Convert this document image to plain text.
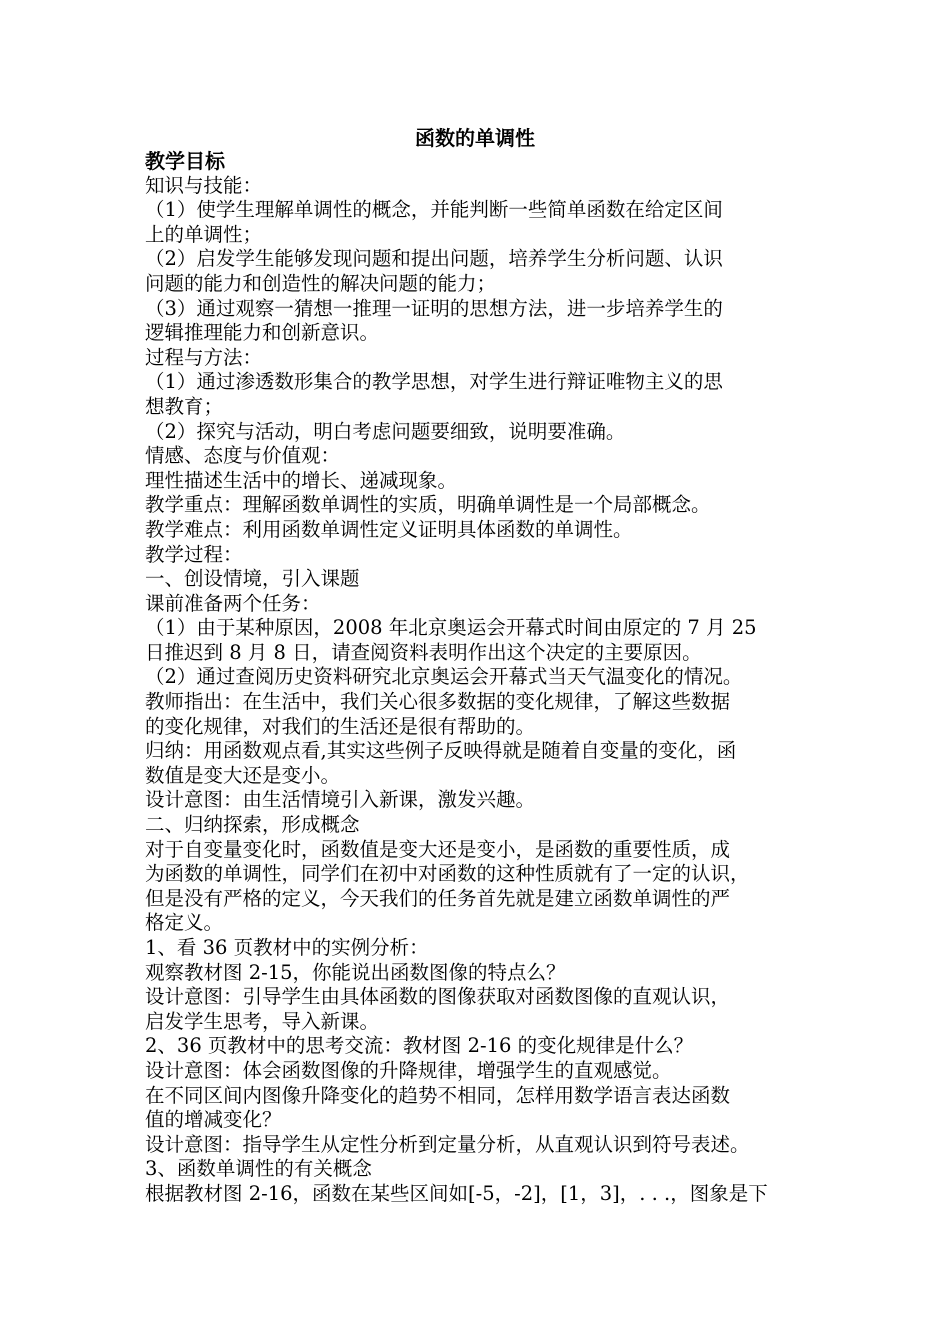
函数的单调性
教学目标
知识与技能：
（1）使学生理解单调性的概念，并能判断一些简单函数在给定区间
上的单调性；
（2）启发学生能够发现问题和提出问题，培养学生分析问题、认识
问题的能力和创造性的解决问题的能力；
（3）通过观察一猜想一推理一证明的思想方法，进一步培养学生的
逻辑推理能力和创新意识。
过程与方法：
（1）通过渗透数形集合的教学思想，对学生进行辩证唯物主义的思
想教育；
（2）探究与活动，明白考虑问题要细致，说明要准确。
情感、态度与价值观：
理性描述生活中的增长、递减现象。
教学重点：理解函数单调性的实质，明确单调性是一个局部概念。
教学难点：利用函数单调性定义证明具体函数的单调性。
教学过程：
一、创设情境，引入课题
课前准备两个任务：
（1）由于某种原因，2008 年北京奥运会开幕式时间由原定的 7 月 25
日推迟到 8 月 8 日，请查阅资料表明作出这个决定的主要原因。
（2）通过查阅历史资料研究北京奥运会开幕式当天气温变化的情况。
教师指出：在生活中，我们关心很多数据的变化规律，了解这些数据
的变化规律，对我们的生活还是很有帮助的。
归纳：用函数观点看,其实这些例子反映得就是随着自变量的变化，函
数值是变大还是变小。
设计意图：由生活情境引入新课，激发兴趣。
二、归纳探索，形成概念
对于自变量变化时，函数值是变大还是变小，是函数的重要性质，成
为函数的单调性，同学们在初中对函数的这种性质就有了一定的认识，
但是没有严格的定义，今天我们的任务首先就是建立函数单调性的严
格定义。
1、看 36 页教材中的实例分析：
观察教材图 2-15，你能说出函数图像的特点么？
设计意图：引导学生由具体函数的图像获取对函数图像的直观认识，
启发学生思考，导入新课。
2、36 页教材中的思考交流：教材图 2-16 的变化规律是什么？
设计意图：体会函数图像的升降规律，增强学生的直观感觉。
在不同区间内图像升降变化的趋势不相同，怎样用数学语言表达函数
值的增减变化？
设计意图：指导学生从定性分析到定量分析，从直观认识到符号表述。
3、函数单调性的有关概念
根据教材图 2-16，函数在某些区间如[-5，-2]，[1，3]，. . .，图象是下
